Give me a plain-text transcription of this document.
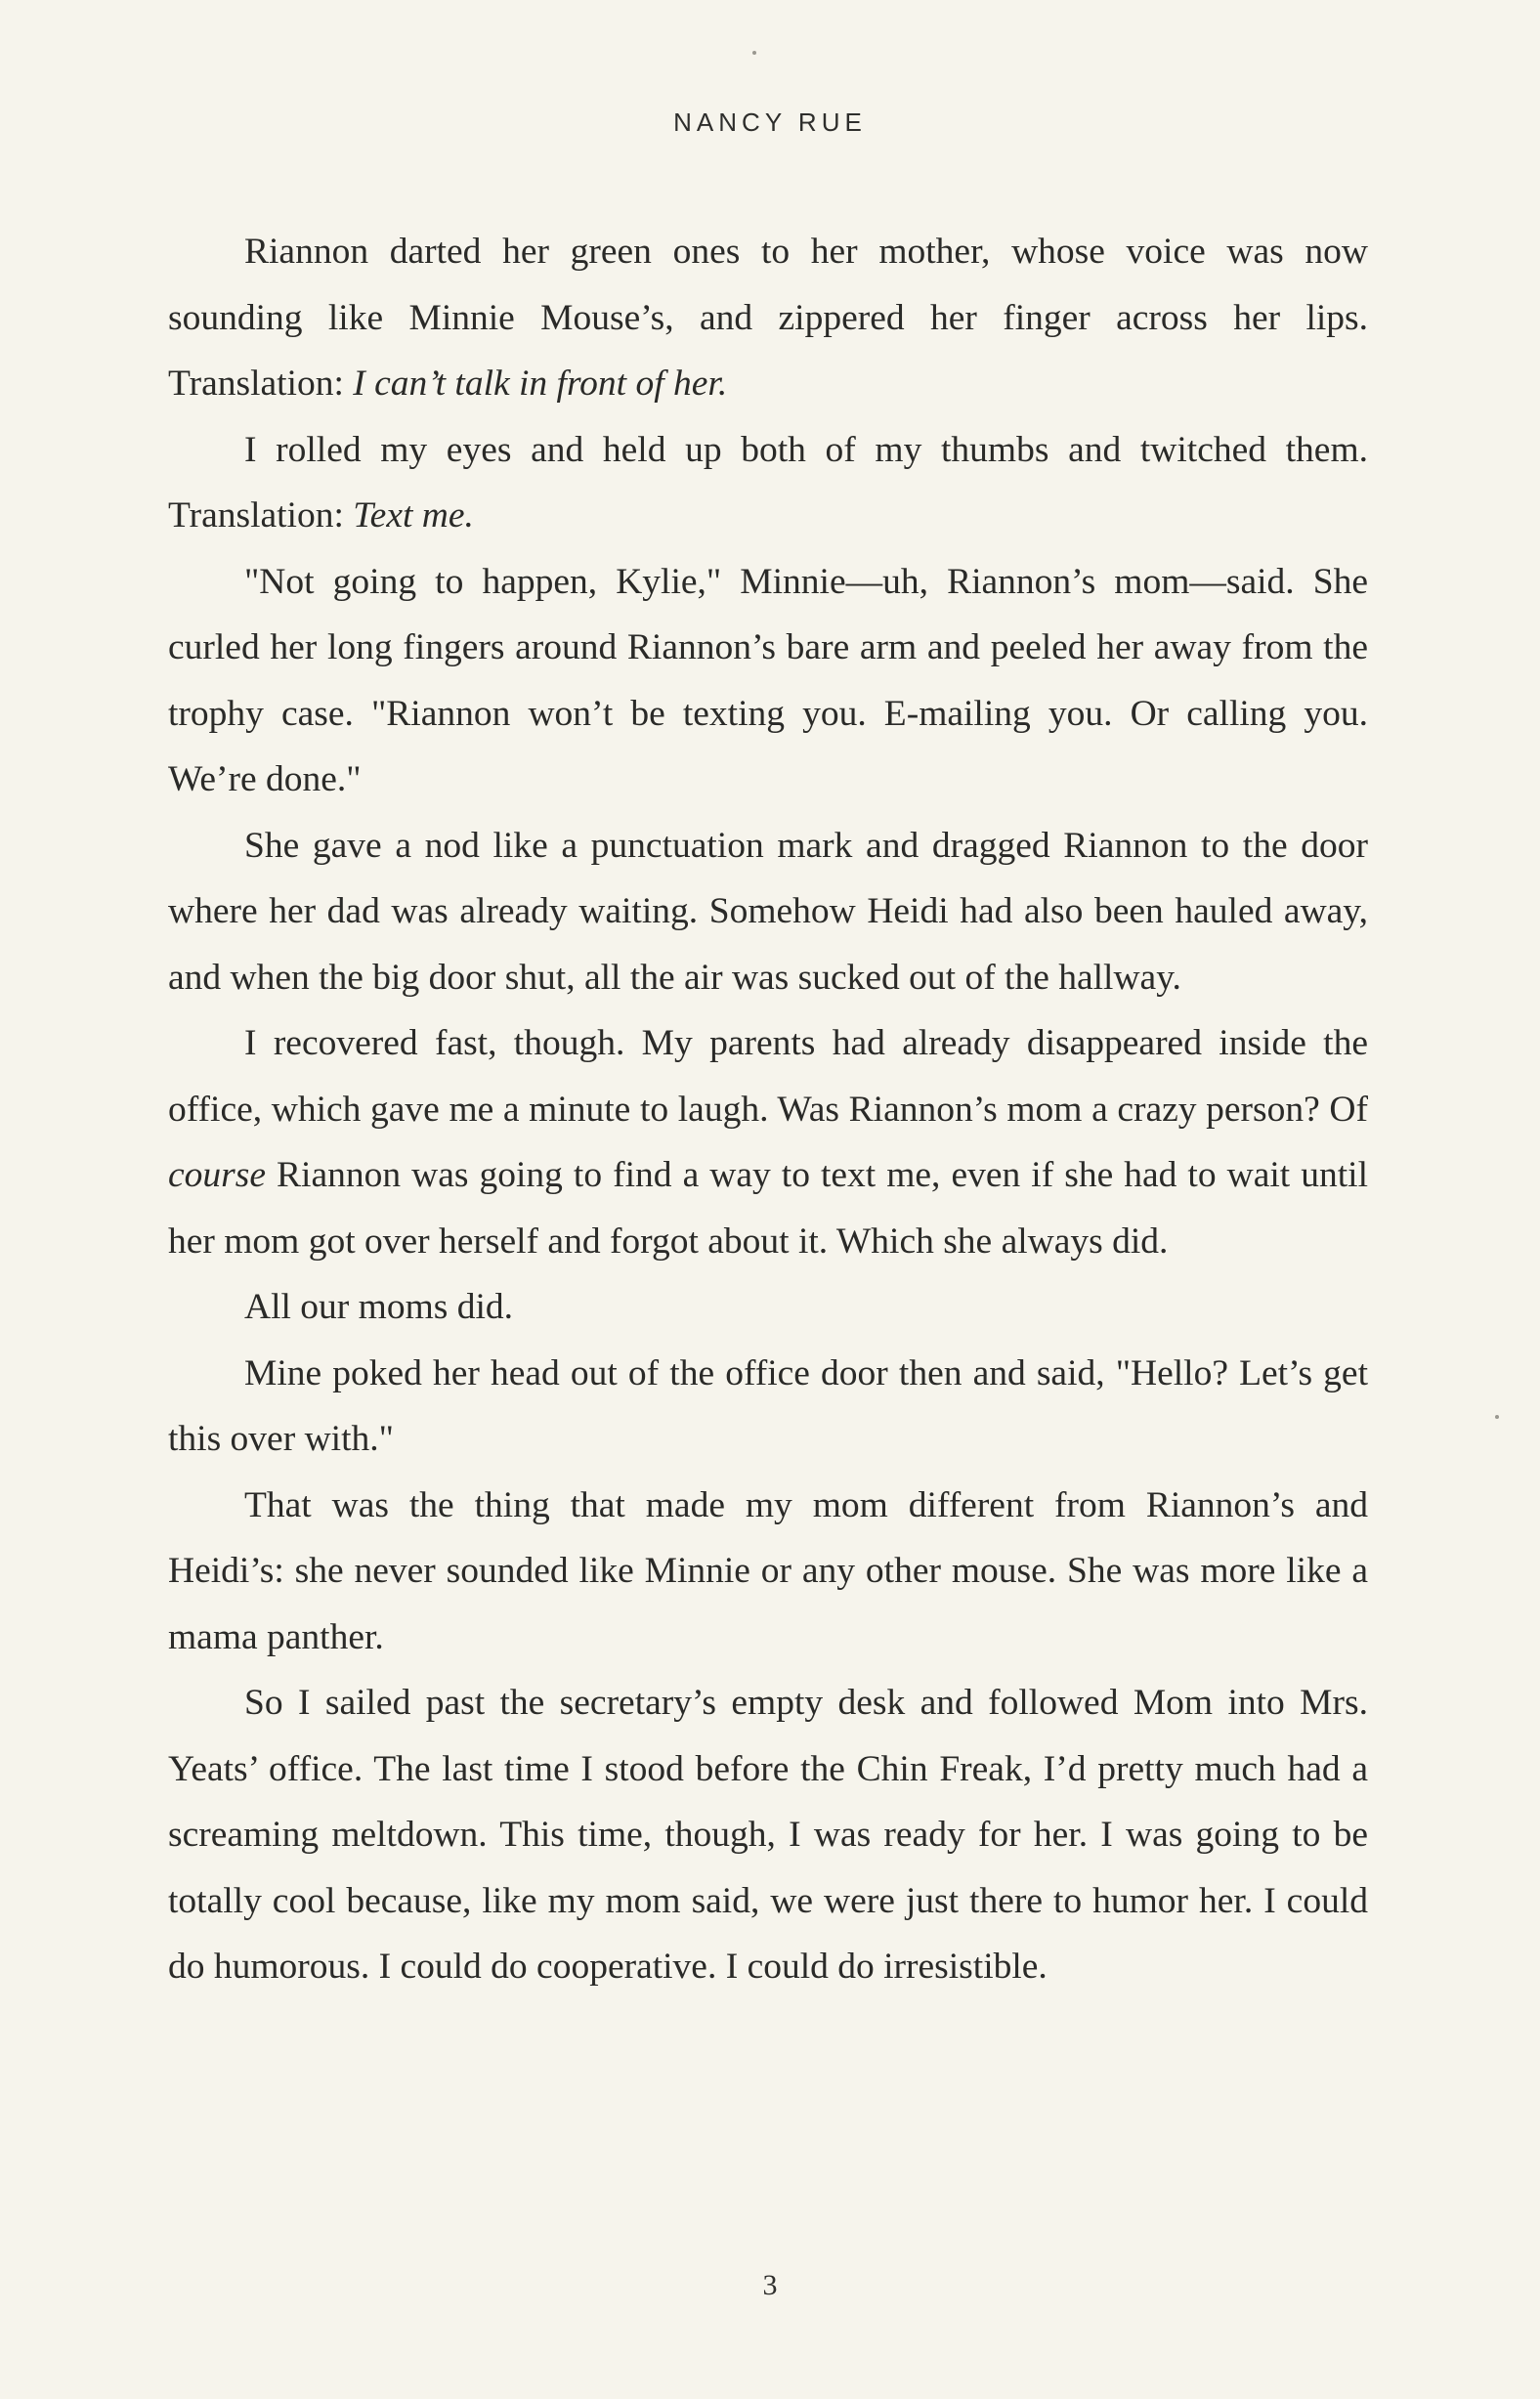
NANCY RUE

Riannon darted her green ones to her mother, whose voice was now sounding like Minnie Mouse’s, and zippered her finger across her lips. Translation: I can’t talk in front of her.

I rolled my eyes and held up both of my thumbs and twitched them. Translation: Text me.

"Not going to happen, Kylie," Minnie—uh, Riannon’s mom—said. She curled her long fingers around Riannon’s bare arm and peeled her away from the trophy case. "Riannon won’t be texting you. E-mailing you. Or calling you. We’re done."

She gave a nod like a punctuation mark and dragged Riannon to the door where her dad was already waiting. Somehow Heidi had also been hauled away, and when the big door shut, all the air was sucked out of the hallway.

I recovered fast, though. My parents had already disappeared inside the office, which gave me a minute to laugh. Was Riannon’s mom a crazy person? Of course Riannon was going to find a way to text me, even if she had to wait until her mom got over herself and forgot about it. Which she always did.

All our moms did.

Mine poked her head out of the office door then and said, "Hello? Let’s get this over with."

That was the thing that made my mom different from Riannon’s and Heidi’s: she never sounded like Minnie or any other mouse. She was more like a mama panther.

So I sailed past the secretary’s empty desk and followed Mom into Mrs. Yeats’ office. The last time I stood before the Chin Freak, I’d pretty much had a screaming meltdown. This time, though, I was ready for her. I was going to be totally cool because, like my mom said, we were just there to humor her. I could do humorous. I could do cooperative. I could do irresistible.

3
